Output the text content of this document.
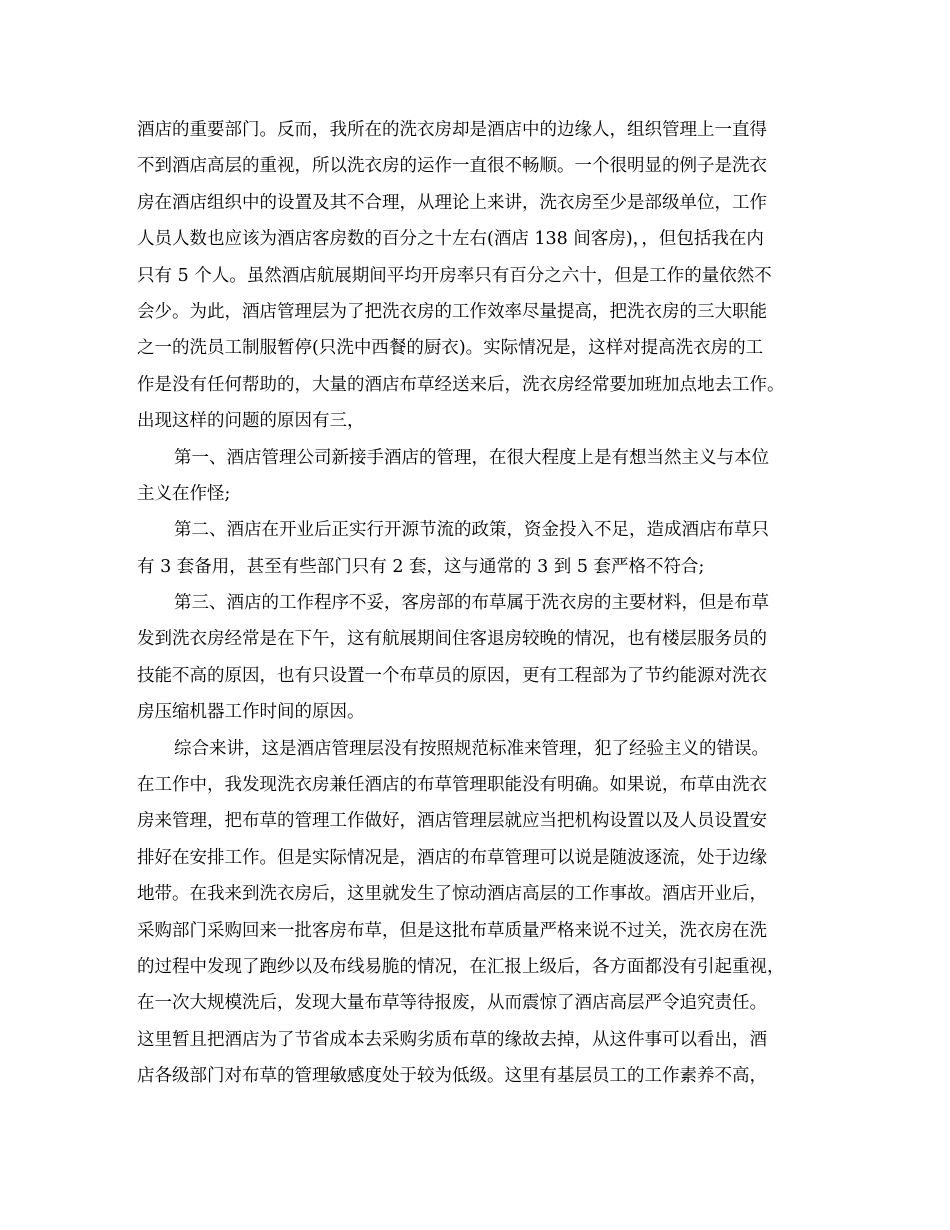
酒店的重要部门。反而，我所在的洗衣房却是酒店中的边缘人，组织管理上一直得
不到酒店高层的重视，所以洗衣房的运作一直很不畅顺。一个很明显的例子是洗衣
房在酒店组织中的设置及其不合理，从理论上来讲，洗衣房至少是部级单位，工作
人员人数也应该为酒店客房数的百分之十左右(酒店 138 间客房)，，但包括我在内
只有 5 个人。虽然酒店航展期间平均开房率只有百分之六十，但是工作的量依然不
会少。为此，酒店管理层为了把洗衣房的工作效率尽量提高，把洗衣房的三大职能
之一的洗员工制服暂停(只洗中西餐的厨衣)。实际情况是，这样对提高洗衣房的工
作是没有任何帮助的，大量的酒店布草经送来后，洗衣房经常要加班加点地去工作。
出现这样的问题的原因有三，
第一、酒店管理公司新接手酒店的管理，在很大程度上是有想当然主义与本位
主义在作怪;
第二、酒店在开业后正实行开源节流的政策，资金投入不足，造成酒店布草只
有 3 套备用，甚至有些部门只有 2 套，这与通常的 3 到 5 套严格不符合;
第三、酒店的工作程序不妥，客房部的布草属于洗衣房的主要材料，但是布草
发到洗衣房经常是在下午，这有航展期间住客退房较晚的情况，也有楼层服务员的
技能不高的原因，也有只设置一个布草员的原因，更有工程部为了节约能源对洗衣
房压缩机器工作时间的原因。
综合来讲，这是酒店管理层没有按照规范标准来管理，犯了经验主义的错误。
在工作中，我发现洗衣房兼任酒店的布草管理职能没有明确。如果说，布草由洗衣
房来管理，把布草的管理工作做好，酒店管理层就应当把机构设置以及人员设置安
排好在安排工作。但是实际情况是，酒店的布草管理可以说是随波逐流，处于边缘
地带。在我来到洗衣房后，这里就发生了惊动酒店高层的工作事故。酒店开业后，
采购部门采购回来一批客房布草，但是这批布草质量严格来说不过关，洗衣房在洗
的过程中发现了跑纱以及布线易脆的情况，在汇报上级后，各方面都没有引起重视，
在一次大规模洗后，发现大量布草等待报废，从而震惊了酒店高层严令追究责任。
这里暂且把酒店为了节省成本去采购劣质布草的缘故去掉，从这件事可以看出，酒
店各级部门对布草的管理敏感度处于较为低级。这里有基层员工的工作素养不高，
